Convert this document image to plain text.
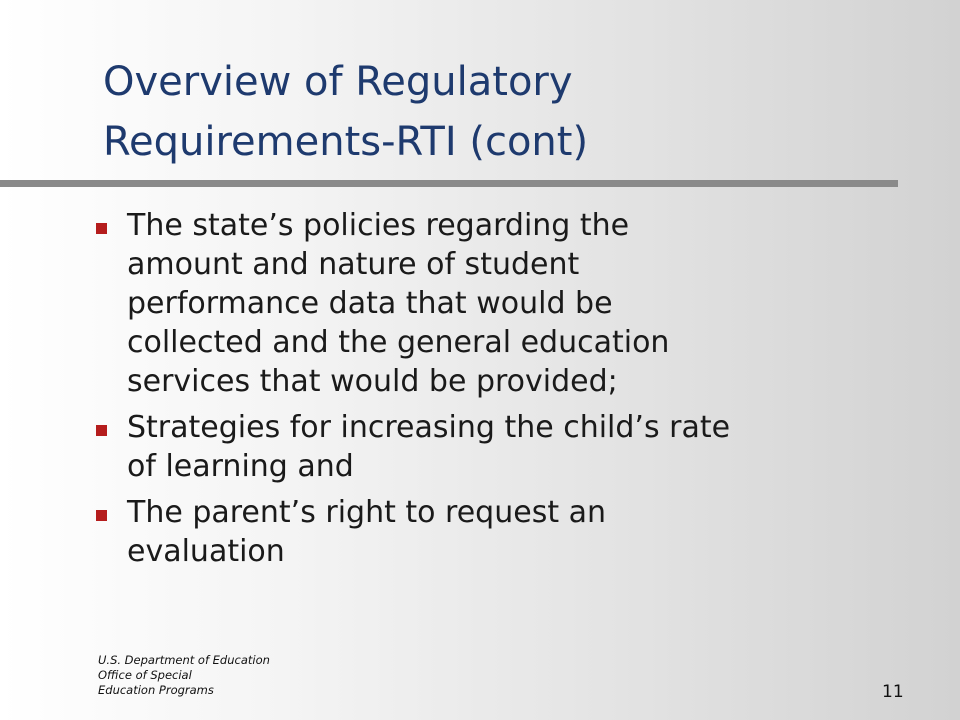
Overview of Regulatory
Requirements-RTI (cont)
The state’s policies regarding the
amount and nature of student
performance data that would be
collected and the general education
services that would be provided;
Strategies for increasing the child’s rate
of learning and
The parent’s right to request an
evaluation
U.S. Department of Education
Office of Special
Education Programs	11
